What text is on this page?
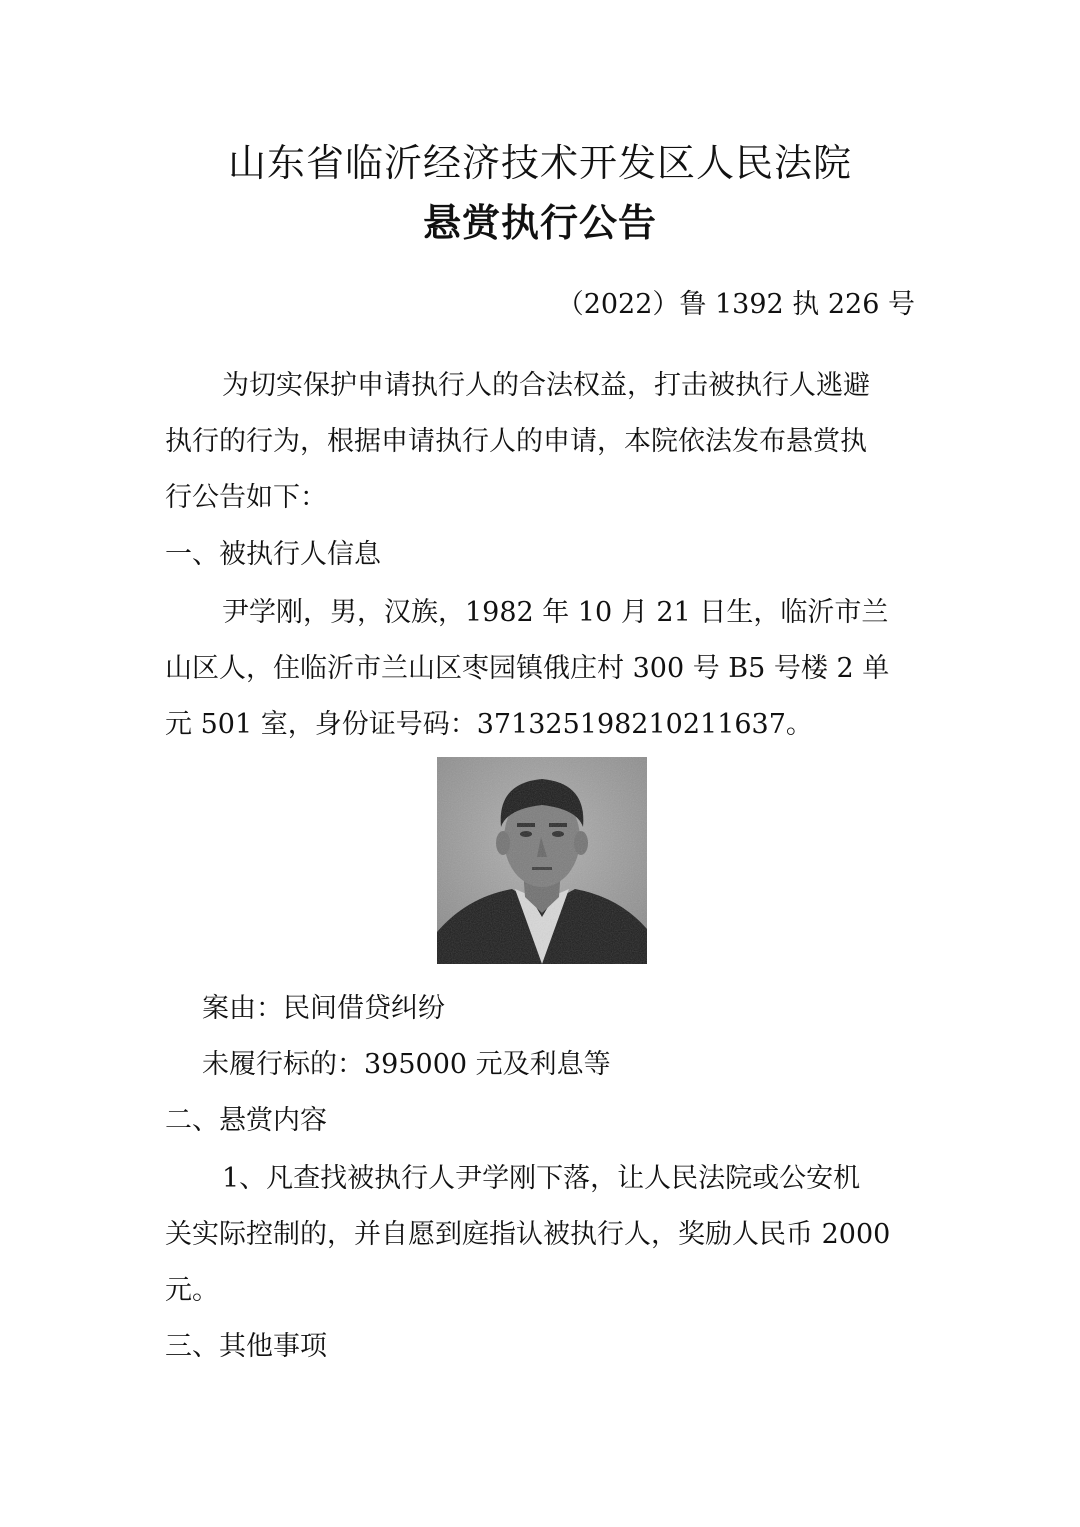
山东省临沂经济技术开发区人民法院
悬赏执行公告
（2022）鲁 1392 执 226 号
为切实保护申请执行人的合法权益，打击被执行人逃避
执行的行为，根据申请执行人的申请，本院依法发布悬赏执
行公告如下：
一、被执行人信息
尹学刚，男，汉族，1982 年 10 月 21 日生，临沂市兰
山区人，住临沂市兰山区枣园镇俄庄村 300 号 B5 号楼 2 单
元 501 室，身份证号码：371325198210211637。
案由：民间借贷纠纷
未履行标的：395000 元及利息等
二、悬赏内容
1、凡查找被执行人尹学刚下落，让人民法院或公安机
关实际控制的，并自愿到庭指认被执行人，奖励人民币 2000
元。
三、其他事项
